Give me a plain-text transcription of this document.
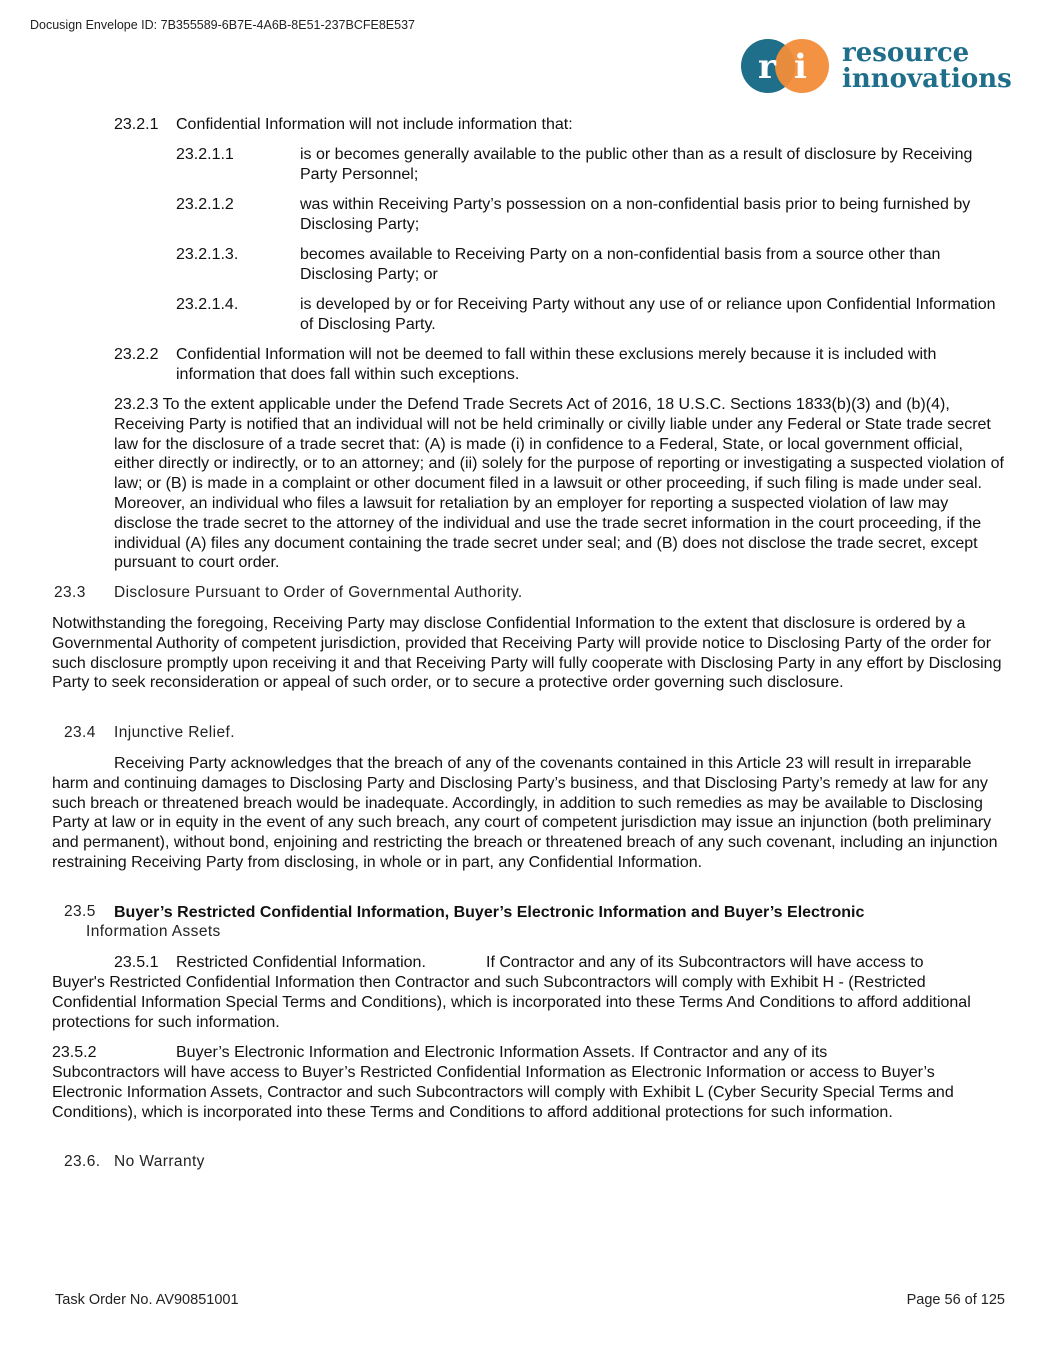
Docusign Envelope ID: 7B355589-6B7E-4A6B-8E51-237BCFE8E537
r i resource
innovations
23.2.1 Confidential Information will not include information that:

23.2.1.1	is or becomes generally available to the public other than as a result of disclosure by Receiving Party Personnel;

23.2.1.2	was within Receiving Party’s possession on a non-confidential basis prior to being furnished by Disclosing Party;

23.2.1.3.	becomes available to Receiving Party on a non-confidential basis from a source other than Disclosing Party; or

23.2.1.4.	is developed by or for Receiving Party without any use of or reliance upon Confidential Information of Disclosing Party.

23.2.2 Confidential Information will not be deemed to fall within these exclusions merely because it is included with information that does fall within such exceptions.

23.2.3 To the extent applicable under the Defend Trade Secrets Act of 2016, 18 U.S.C. Sections 1833(b)(3) and (b)(4), Receiving Party is notified that an individual will not be held criminally or civilly liable under any Federal or State trade secret law for the disclosure of a trade secret that: (A) is made (i) in confidence to a Federal, State, or local government official, either directly or indirectly, or to an attorney; and (ii) solely for the purpose of reporting or investigating a suspected violation of law; or (B) is made in a complaint or other document filed in a lawsuit or other proceeding, if such filing is made under seal. Moreover, an individual who files a lawsuit for retaliation by an employer for reporting a suspected violation of law may disclose the trade secret to the attorney of the individual and use the trade secret information in the court proceeding, if the individual (A) files any document containing the trade secret under seal; and (B) does not disclose the trade secret, except pursuant to court order.

23.3 Disclosure Pursuant to Order of Governmental Authority.

Notwithstanding the foregoing, Receiving Party may disclose Confidential Information to the extent that disclosure is ordered by a Governmental Authority of competent jurisdiction, provided that Receiving Party will provide notice to Disclosing Party of the order for such disclosure promptly upon receiving it and that Receiving Party will fully cooperate with Disclosing Party in any effort by Disclosing Party to seek reconsideration or appeal of such order, or to secure a protective order governing such disclosure.

23.4 Injunctive Relief.

Receiving Party acknowledges that the breach of any of the covenants contained in this Article 23 will result in irreparable harm and continuing damages to Disclosing Party and Disclosing Party’s business, and that Disclosing Party’s remedy at law for any such breach or threatened breach would be inadequate. Accordingly, in addition to such remedies as may be available to Disclosing Party at law or in equity in the event of any such breach, any court of competent jurisdiction may issue an injunction (both preliminary and permanent), without bond, enjoining and restricting the breach or threatened breach of any such covenant, including an injunction restraining Receiving Party from disclosing, in whole or in part, any Confidential Information.

23.5 Buyer’s Restricted Confidential Information, Buyer’s Electronic Information and Buyer’s Electronic
Information Assets
23.5.1 Restricted Confidential Information.	If Contractor and any of its Subcontractors will have access to

Buyer's Restricted Confidential Information then Contractor and such Subcontractors will comply with Exhibit H - (Restricted Confidential Information Special Terms and Conditions), which is incorporated into these Terms And Conditions to afford additional protections for such information.

23.5.2	Buyer’s Electronic Information and Electronic Information Assets. If Contractor and any of its

Subcontractors will have access to Buyer’s Restricted Confidential Information as Electronic Information or access to Buyer’s Electronic Information Assets, Contractor and such Subcontractors will comply with Exhibit L (Cyber Security Special Terms and Conditions), which is incorporated into these Terms and Conditions to afford additional protections for such information.

23.6. No Warranty
Task Order No. AV90851001	Page 56 of 125
